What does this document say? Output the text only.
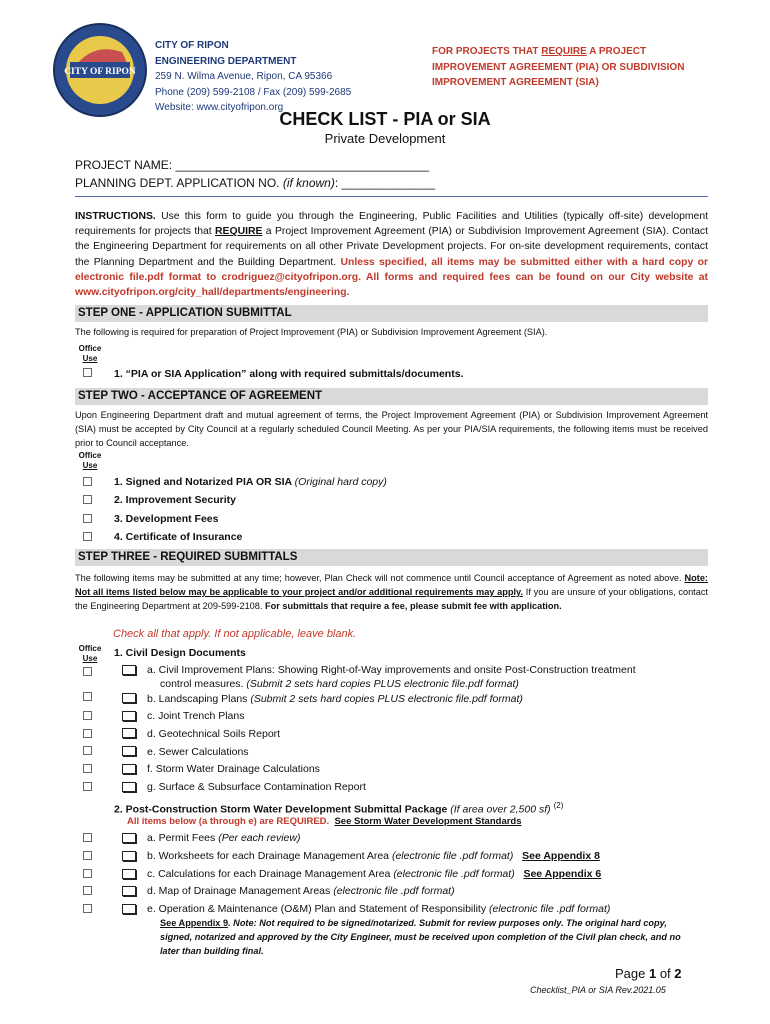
CITY OF RIPON
CITY OF RIPON
ENGINEERING DEPARTMENT
259 N. Wilma Avenue, Ripon, CA 95366
Phone (209) 599-2108 / Fax (209) 599-2685
Website: www.cityofripon.org
FOR PROJECTS THAT REQUIRE A PROJECT IMPROVEMENT AGREEMENT (PIA) OR SUBDIVISION IMPROVEMENT AGREEMENT (SIA)
CHECK LIST - PIA or SIA
Private Development
PROJECT NAME: ______________________________________
PLANNING DEPT. APPLICATION NO. (if known): ______________
INSTRUCTIONS. Use this form to guide you through the Engineering, Public Facilities and Utilities (typically off-site) development requirements for projects that REQUIRE a Project Improvement Agreement (PIA) or Subdivision Improvement Agreement (SIA). Contact the Engineering Department for requirements on all other Private Development projects. For on-site development requirements, contact the Planning Department and the Building Department. Unless specified, all items may be submitted either with a hard copy or electronic file.pdf format to crodriguez@cityofripon.org. All forms and required fees can be found on our City website at www.cityofripon.org/city_hall/departments/engineering.
STEP ONE - APPLICATION SUBMITTAL
The following is required for preparation of Project Improvement (PIA) or Subdivision Improvement Agreement (SIA).
Office
Use
1. “PIA or SIA Application” along with required submittals/documents.
STEP TWO - ACCEPTANCE OF AGREEMENT
Upon Engineering Department draft and mutual agreement of terms, the Project Improvement Agreement (PIA) or Subdivision Improvement Agreement (SIA) must be accepted by City Council at a regularly scheduled Council Meeting. As per your PIA/SIA requirements, the following items must be received prior to Council acceptance.
Office
Use
1. Signed and Notarized PIA OR SIA (Original hard copy)
2. Improvement Security
3. Development Fees
4. Certificate of Insurance
STEP THREE - REQUIRED SUBMITTALS
The following items may be submitted at any time; however, Plan Check will not commence until Council acceptance of Agreement as noted above. Note: Not all items listed below may be applicable to your project and/or additional requirements may apply. If you are unsure of your obligations, contact the Engineering Department at 209-599-2108. For submittals that require a fee, please submit fee with application.
Check all that apply. If not applicable, leave blank.
Office
Use	1. Civil Design Documents
a. Civil Improvement Plans: Showing Right-of-Way improvements and onsite Post-Construction treatment
control measures. (Submit 2 sets hard copies PLUS electronic file.pdf format)
b. Landscaping Plans (Submit 2 sets hard copies PLUS electronic file.pdf format)
c. Joint Trench Plans
d. Geotechnical Soils Report
e. Sewer Calculations
f. Storm Water Drainage Calculations
g. Surface & Subsurface Contamination Report
2. Post-Construction Storm Water Development Submittal Package (If area over 2,500 sf) $^{(2)}$
All items below (a through e) are REQUIRED. See Storm Water Development Standards
a. Permit Fees (Per each review)
b. Worksheets for each Drainage Management Area (electronic file .pdf format) See Appendix 8
c. Calculations for each Drainage Management Area (electronic file .pdf format) See Appendix 6
d. Map of Drainage Management Areas (electronic file .pdf format)
e. Operation & Maintenance (O&M) Plan and Statement of Responsibility (electronic file .pdf format)
See Appendix 9. Note: Not required to be signed/notarized. Submit for review purposes only. The original hard copy, signed, notarized and approved by the City Engineer, must be received upon completion of the Civil plan check, and no later than building final.
Page 1 of 2
Checklist_PIA or SIA Rev.2021.05
